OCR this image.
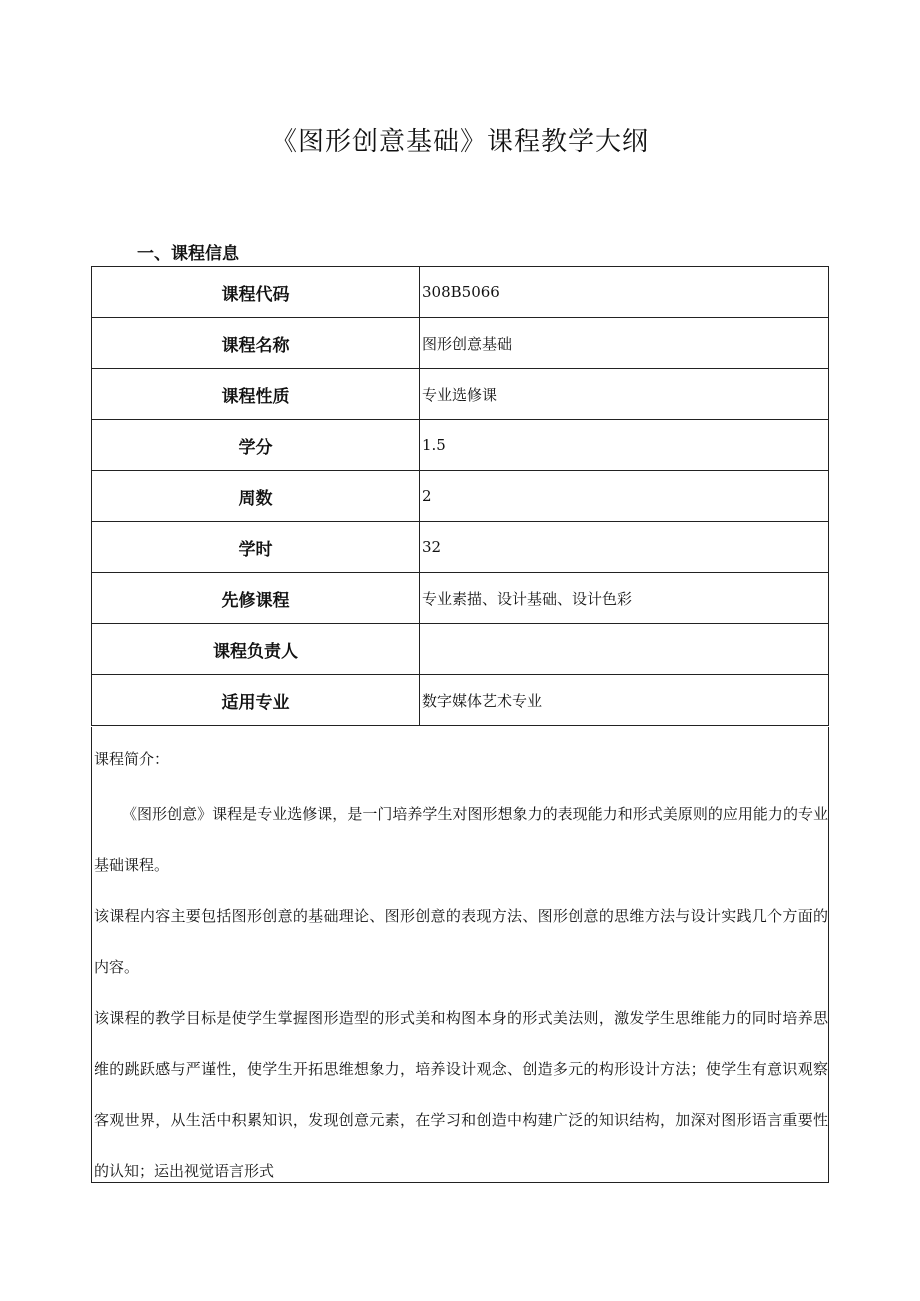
《图形创意基础》课程教学大纲
一、课程信息
课程代码	308B5066
课程名称	图形创意基础
课程性质	专业选修课
学分	1.5
周数	2
学时	32
先修课程	专业素描、设计基础、设计色彩
课程负责人	
适用专业	数字媒体艺术专业

课程简介：

《图形创意》课程是专业选修课，是一门培养学生对图形想象力的表现能力和形式美原则的应用能力的专业基础课程。

该课程内容主要包括图形创意的基础理论、图形创意的表现方法、图形创意的思维方法与设计实践几个方面的内容。

该课程的教学目标是使学生掌握图形造型的形式美和构图本身的形式美法则，激发学生思维能力的同时培养思维的跳跃感与严谨性，使学生开拓思维想象力，培养设计观念、创造多元的构形设计方法；使学生有意识观察客观世界，从生活中积累知识，发现创意元素，在学习和创造中构建广泛的知识结构，加深对图形语言重要性的认知；运出视觉语言形式
